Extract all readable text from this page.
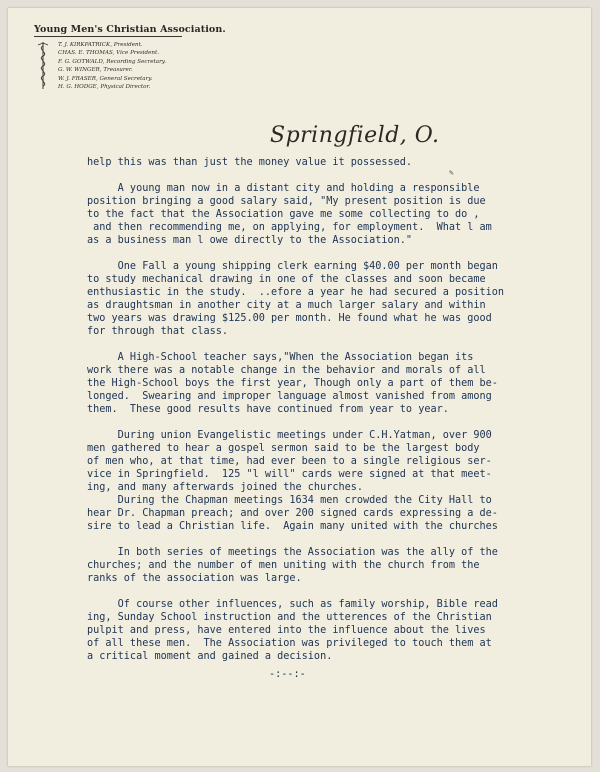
Young Men's Christian Association.
T. J. KIRKPATRICK, President.
CHAS. E. THOMAS, Vice President.
F. G. GOTWALD, Recording Secretary.
G. W. WINGER, Treasurer.
W. J. FRASER, General Secretary.
H. G. HODGE, Physical Director.
Springfield, O.
help this was than just the money value it possessed.
A young man now in a distant city and holding a responsible
position bringing a good salary said, "My present position is due
to the fact that the Association gave me some collecting to do ,
and then recommending me, on applying, for employment.  What l am
as a business man l owe directly to the Association."
One Fall a young shipping clerk earning $40.00 per month began
to study mechanical drawing in one of the classes and soon became
enthusiastic in the study.  ..efore a year he had secured a position
as draughtsman in another city at a much larger salary and within
two years was drawing $125.00 per month. He found what he was good
for through that class.
A High-School teacher says,"When the Association began its
work there was a notable change in the behavior and morals of all
the High-School boys the first year, Though only a part of them be-
longed.  Swearing and improper language almost vanished from among
them.  These good results have continued from year to year.
During union Evangelistic meetings under C.H.Yatman, over 900
men gathered to hear a gospel sermon said to be the largest body
of men who, at that time, had ever been to a single religious ser-
vice in Springfield.  125 "l will" cards were signed at that meet-
ing, and many afterwards joined the churches.
During the Chapman meetings 1634 men crowded the City Hall to
hear Dr. Chapman preach; and over 200 signed cards expressing a de-
sire to lead a Christian life.  Again many united with the churches
In both series of meetings the Association was the ally of the
churches; and the number of men uniting with the church from the
ranks of the association was large.
Of course other influences, such as family worship, Bible read
ing, Sunday School instruction and the utterences of the Christian
pulpit and press, have entered into the influence about the lives
of all these men.  The Association was privileged to touch them at
a critical moment and gained a decision.
✎
-:--:-
